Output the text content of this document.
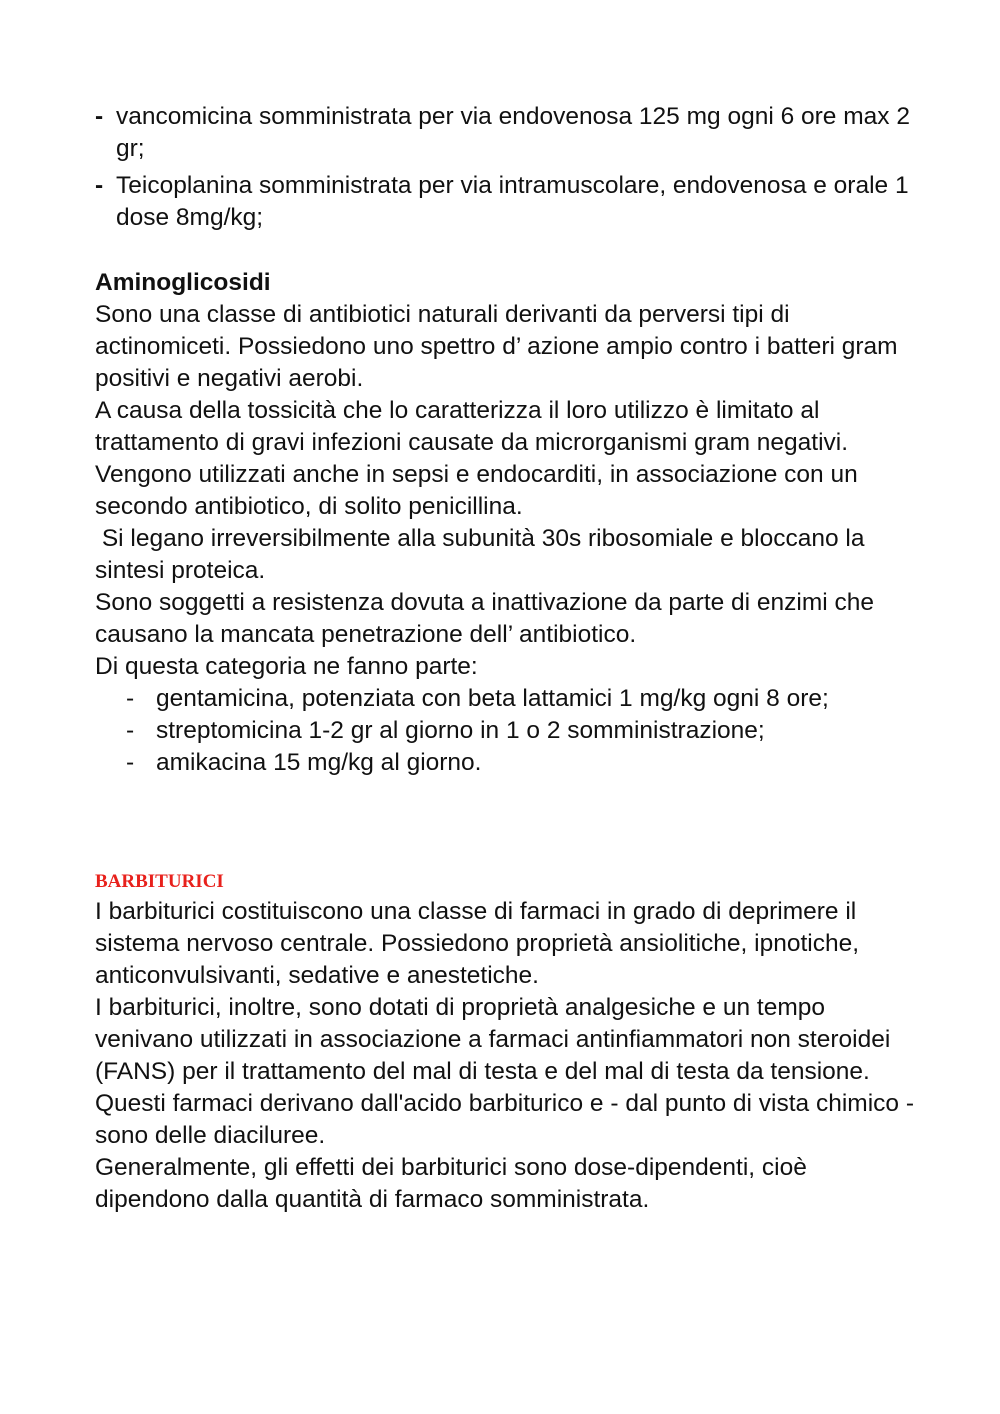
- vancomicina somministrata per via endovenosa 125 mg ogni 6 ore max 2 gr;
- Teicoplanina somministrata per via intramuscolare, endovenosa e orale 1 dose 8mg/kg;
Aminoglicosidi

Sono una classe di antibiotici naturali derivanti da perversi tipi di actinomiceti. Possiedono uno spettro d’ azione ampio contro i batteri gram positivi e negativi aerobi.

A causa della tossicità che lo caratterizza il loro utilizzo è limitato al trattamento di gravi infezioni causate da microrganismi gram negativi.

Vengono utilizzati anche in sepsi e endocarditi, in associazione con un secondo antibiotico, di solito penicillina.

Si legano irreversibilmente alla subunità 30s ribosomiale e bloccano la sintesi proteica.

Sono soggetti a resistenza dovuta a inattivazione da parte di enzimi che causano la mancata penetrazione dell’ antibiotico.

Di questa categoria ne fanno parte:

- gentamicina, potenziata con beta lattamici 1 mg/kg ogni 8 ore;
- streptomicina 1-2 gr al giorno in 1 o 2 somministrazione;
- amikacina 15 mg/kg al giorno.
BARBITURICI

I barbiturici costituiscono una classe di farmaci in grado di deprimere il sistema nervoso centrale. Possiedono proprietà ansiolitiche, ipnotiche, anticonvulsivanti, sedative e anestetiche.

I barbiturici, inoltre, sono dotati di proprietà analgesiche e un tempo venivano utilizzati in associazione a farmaci antinfiammatori non steroidei (FANS) per il trattamento del mal di testa e del mal di testa da tensione.

Questi farmaci derivano dall'acido barbiturico e - dal punto di vista chimico - sono delle diaciluree.

Generalmente, gli effetti dei barbiturici sono dose-dipendenti, cioè dipendono dalla quantità di farmaco somministrata.
